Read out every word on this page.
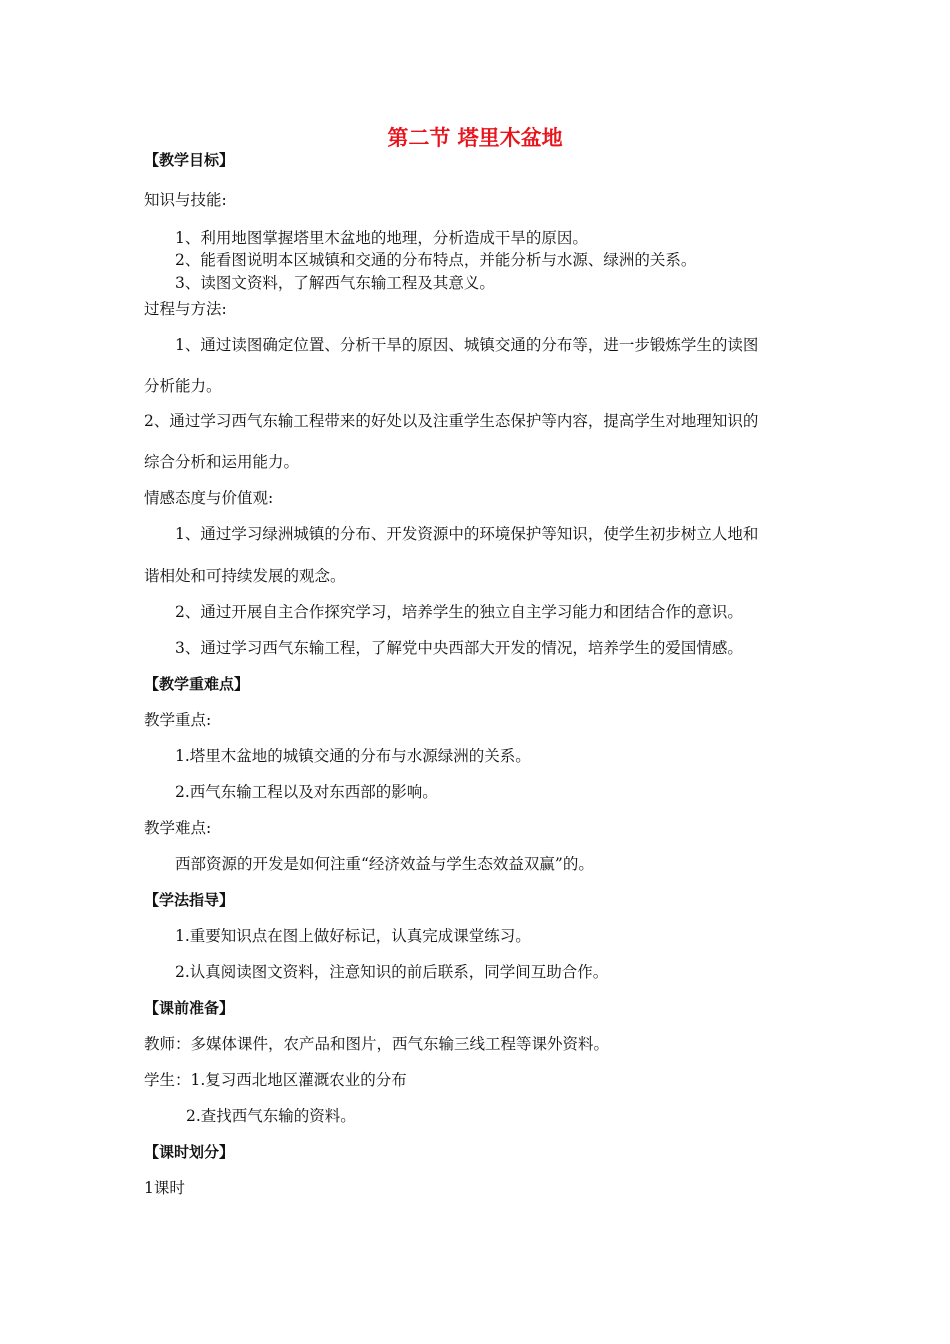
第二节 塔里木盆地
【教学目标】
知识与技能:
1、利用地图掌握塔里木盆地的地理，分析造成干旱的原因。
2、能看图说明本区城镇和交通的分布特点，并能分析与水源、绿洲的关系。
3、读图文资料，了解西气东输工程及其意义。
过程与方法:
1、通过读图确定位置、分析干旱的原因、城镇交通的分布等，进一步锻炼学生的读图
分析能力。
2、通过学习西气东输工程带来的好处以及注重学生态保护等内容，提高学生对地理知识的
综合分析和运用能力。
情感态度与价值观:
1、通过学习绿洲城镇的分布、开发资源中的环境保护等知识，使学生初步树立人地和
谐相处和可持续发展的观念。
2、通过开展自主合作探究学习，培养学生的独立自主学习能力和团结合作的意识。
3、通过学习西气东输工程，了解党中央西部大开发的情况，培养学生的爱国情感。
【教学重难点】
教学重点:
1.塔里木盆地的城镇交通的分布与水源绿洲的关系。
2.西气东输工程以及对东西部的影响。
教学难点:
西部资源的开发是如何注重“经济效益与学生态效益双赢”的。
【学法指导】
1.重要知识点在图上做好标记，认真完成课堂练习。
2.认真阅读图文资料，注意知识的前后联系，同学间互助合作。
【课前准备】
教师：多媒体课件，农产品和图片，西气东输三线工程等课外资料。
学生：1.复习西北地区灌溉农业的分布
2.查找西气东输的资料。
【课时划分】
1课时
